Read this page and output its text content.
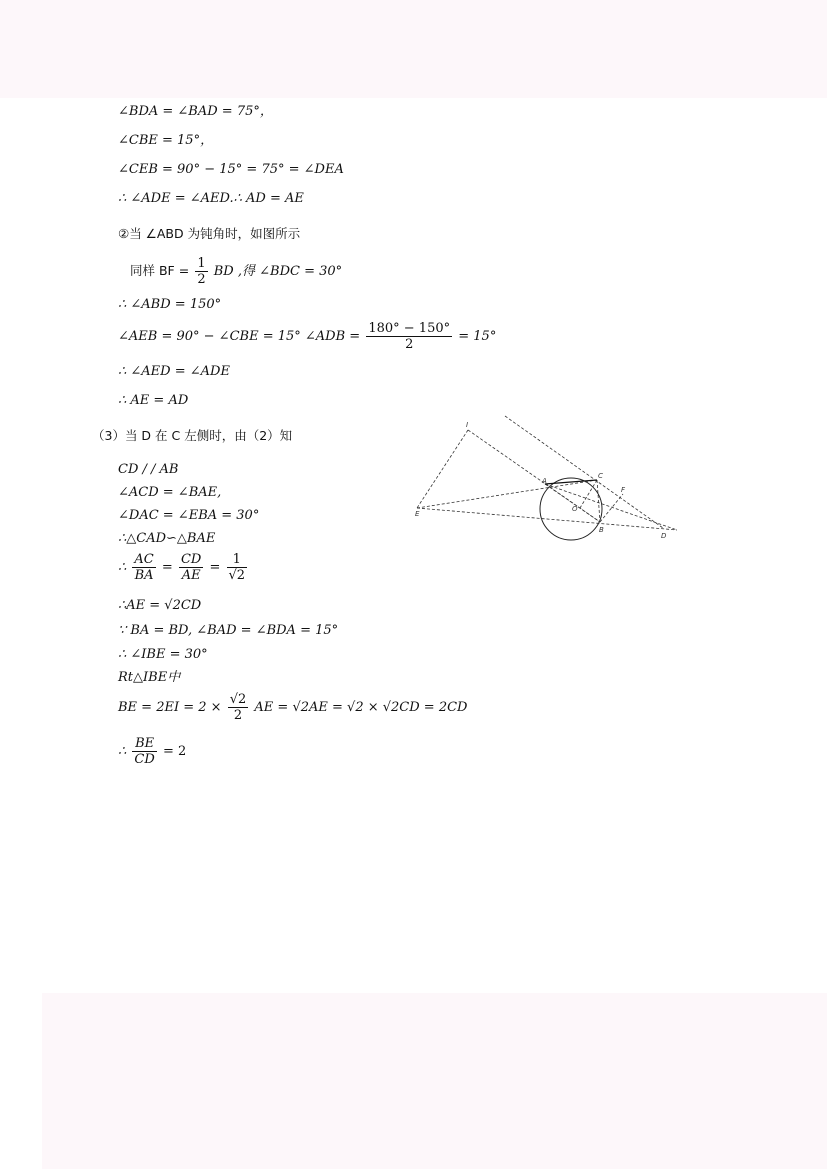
∠BDA = ∠BAD = 75°，
∠CBE = 15°，
∠CEB = 90° − 15° = 75° = ∠DEA
∴ ∠ADE = ∠AED.∴ AD = AE
②当 ∠ABD 为钝角时，如图所示
同样 BF = $\frac{1}{2}$ BD ,得 ∠BDC = 30°
∴ ∠ABD = 150°
∠AEB = 90° − ∠CBE = 15° ∠ADB = $\frac{180^\circ - 150^\circ}{2} = 15^\circ$
∴ ∠AED = ∠ADE
∴ AE = AD
（3）当 D 在 C 左侧时，由（2）知
CD / / AB
∠ACD = ∠BAE,
∠DAC = ∠EBA = 30°
∴△CAD∽△BAE
∴ $\frac{AC}{BA} = \frac{CD}{AE} = \frac{1}{√2}$
∴AE = √2CD
∵ BA = BD, ∠BAD = ∠BDA = 15°
∴ ∠IBE = 30°
Rt△IBE中
BE = $2EI = 2 \times \frac{√2}{2}$ AE = √2AE = √2 × √2CD = 2CD
∴ $\frac{BE}{CD} = 2$
I
A
C
F
O
E
B
D
